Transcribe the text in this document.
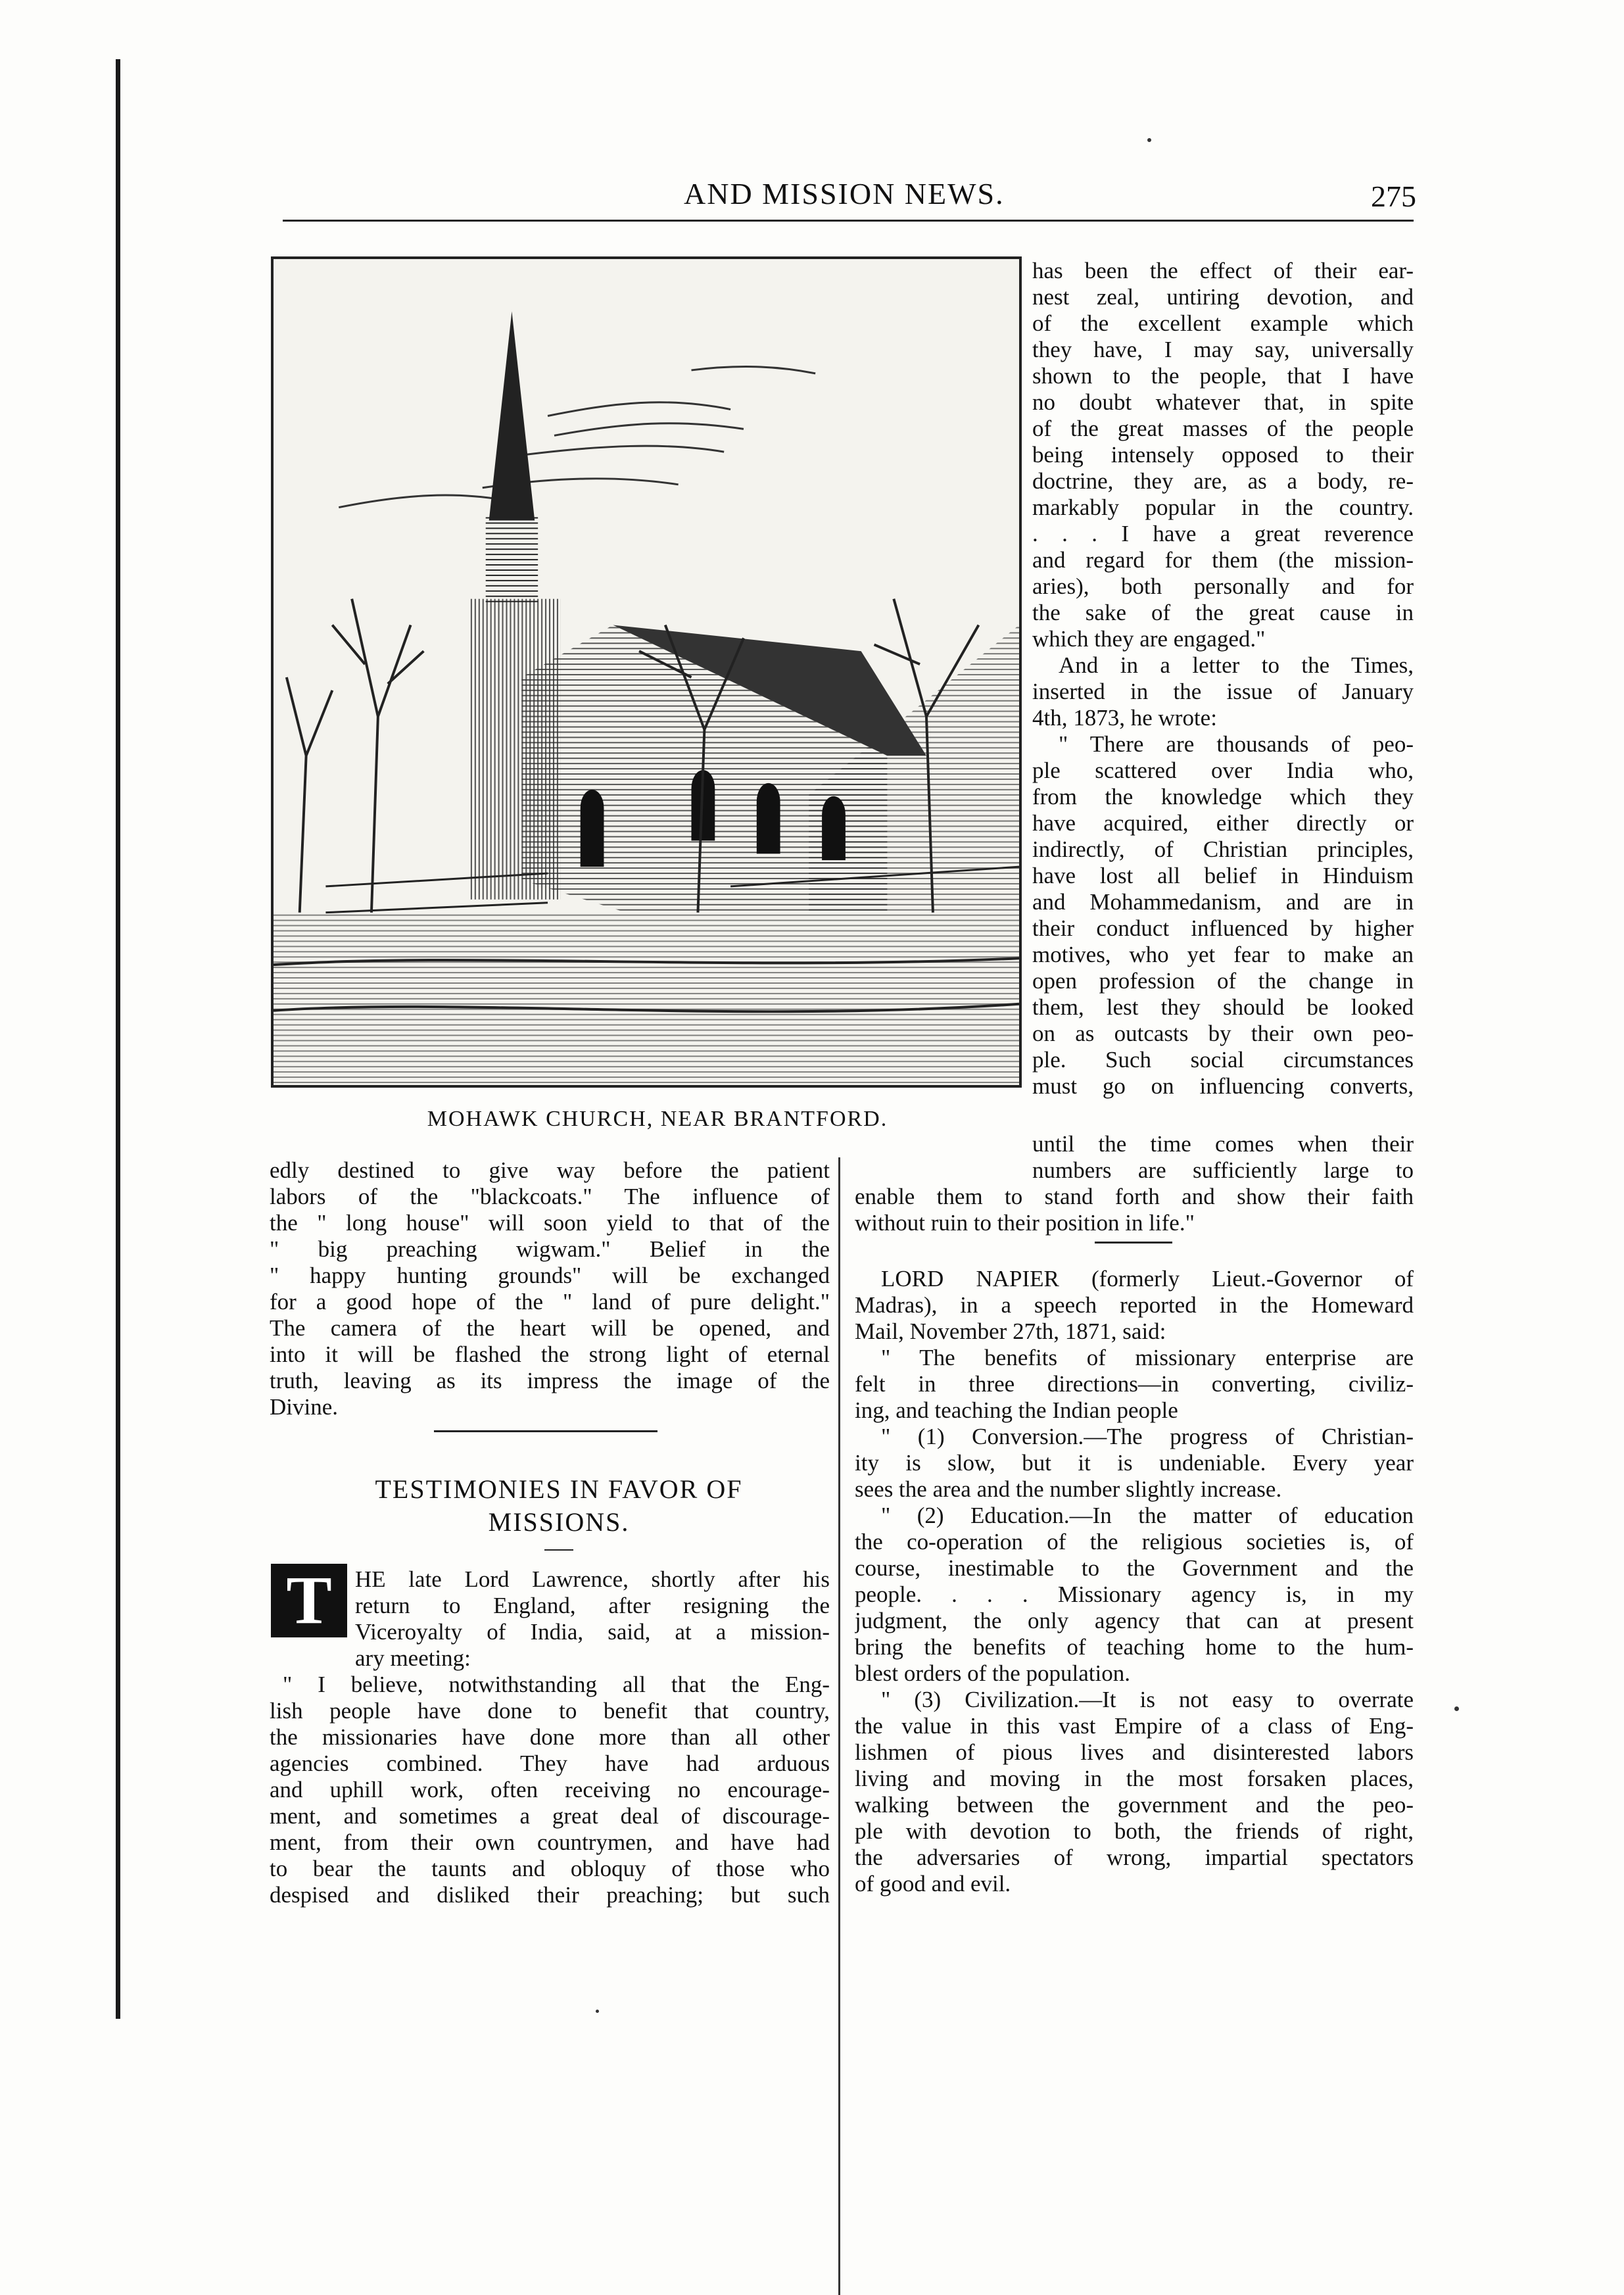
AND MISSION NEWS.	275
MOHAWK CHURCH, NEAR BRANTFORD.
has been the effect of their ear-
nest zeal, untiring devotion, and
of the excellent example which
they have, I may say, universally
shown to the people, that I have
no doubt whatever that, in spite
of the great masses of the people
being intensely opposed to their
doctrine, they are, as a body, re-
markably popular in the country.
. . . I have a great reverence
and regard for them (the mission-
aries), both personally and for
the sake of the great cause in
which they are engaged."
And in a letter to the Times,
inserted in the issue of January
4th, 1873, he wrote:
" There are thousands of peo-
ple scattered over India who,
from the knowledge which they
have acquired, either directly or
indirectly, of Christian principles,
have lost all belief in Hinduism
and Mohammedanism, and are in
their conduct influenced by higher
motives, who yet fear to make an
open profession of the change in
them, lest they should be looked
on as outcasts by their own peo-
ple. Such social circumstances
must go on influencing converts,
until the time comes when their
numbers are sufficiently large to
enable them to stand forth and show their faith
without ruin to their position in life."
LORD NAPIER (formerly Lieut.-Governor of
Madras), in a speech reported in the Homeward
Mail, November 27th, 1871, said:
" The benefits of missionary enterprise are
felt in three directions—in converting, civiliz-
ing, and teaching the Indian people
" (1) Conversion.—The progress of Christian-
ity is slow, but it is undeniable. Every year
sees the area and the number slightly increase.
" (2) Education.—In the matter of education
the co-operation of the religious societies is, of
course, inestimable to the Government and the
people. . . . Missionary agency is, in my
judgment, the only agency that can at present
bring the benefits of teaching home to the hum-
blest orders of the population.
" (3) Civilization.—It is not easy to overrate
the value in this vast Empire of a class of Eng-
lishmen of pious lives and disinterested labors
living and moving in the most forsaken places,
walking between the government and the peo-
ple with devotion to both, the friends of right,
the adversaries of wrong, impartial spectators
of good and evil.
edly destined to give way before the patient
labors of the "blackcoats." The influence of
the " long house" will soon yield to that of the
" big preaching wigwam." Belief in the
" happy hunting grounds" will be exchanged
for a good hope of the " land of pure delight."
The camera of the heart will be opened, and
into it will be flashed the strong light of eternal
truth, leaving as its impress the image of the
Divine.
TESTIMONIES IN FAVOR OF
MISSIONS.
T	HE late Lord Lawrence, shortly after his
return to England, after resigning the
Viceroyalty of India, said, at a mission-
ary meeting:
" I believe, notwithstanding all that the Eng-
lish people have done to benefit that country,
the missionaries have done more than all other
agencies combined. They have had arduous
and uphill work, often receiving no encourage-
ment, and sometimes a great deal of discourage-
ment, from their own countrymen, and have had
to bear the taunts and obloquy of those who
despised and disliked their preaching; but such
